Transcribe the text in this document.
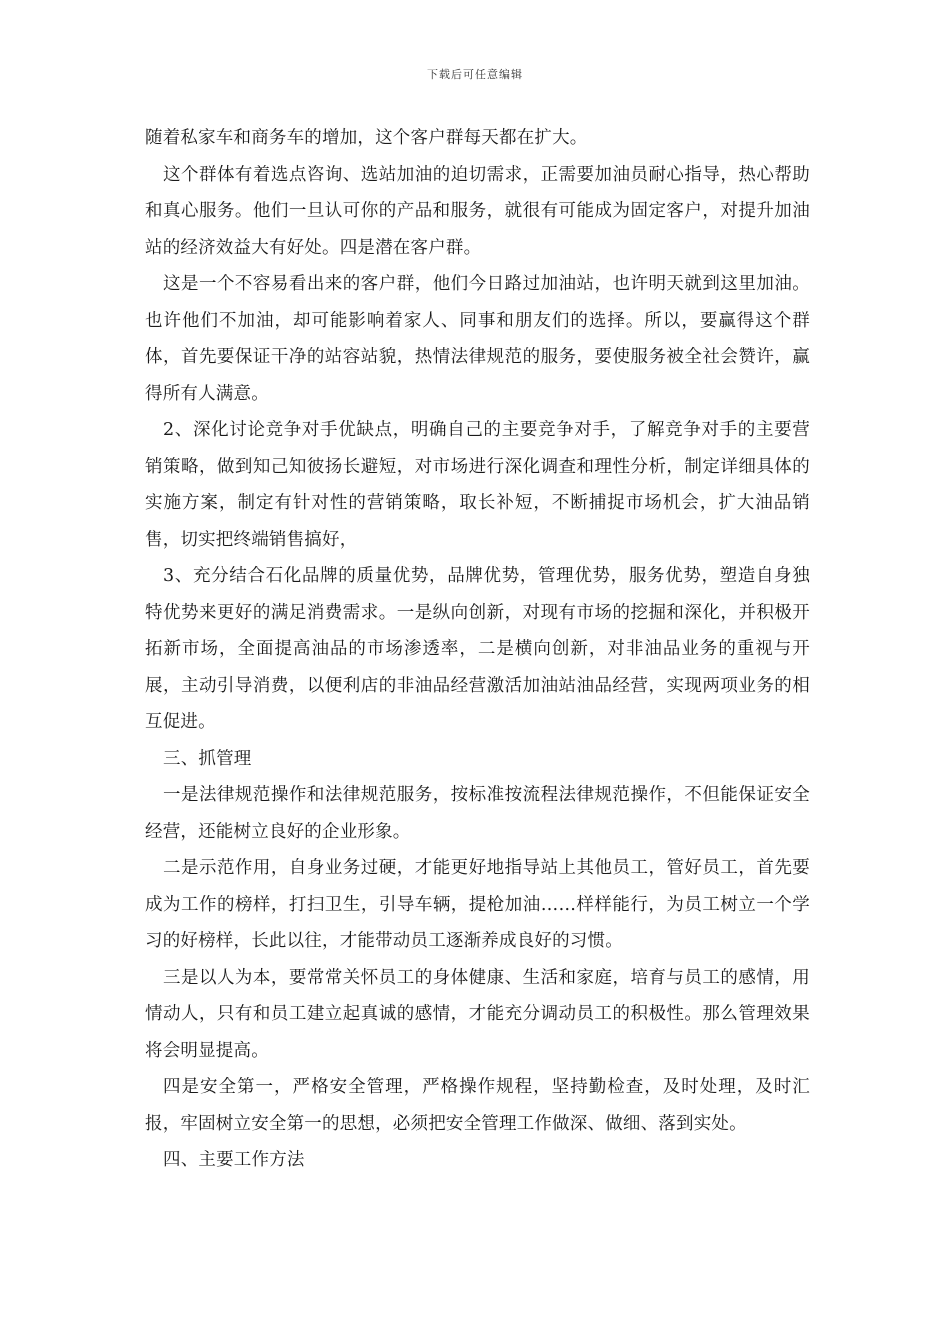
下载后可任意编辑

随着私家车和商务车的增加，这个客户群每天都在扩大。

这个群体有着选点咨询、选站加油的迫切需求，正需要加油员耐心指导，热心帮助和真心服务。他们一旦认可你的产品和服务，就很有可能成为固定客户，对提升加油站的经济效益大有好处。四是潜在客户群。

这是一个不容易看出来的客户群，他们今日路过加油站，也许明天就到这里加油。也许他们不加油，却可能影响着家人、同事和朋友们的选择。所以，要赢得这个群体，首先要保证干净的站容站貌，热情法律规范的服务，要使服务被全社会赞许，赢得所有人满意。

2、深化讨论竞争对手优缺点，明确自己的主要竞争对手，了解竞争对手的主要营销策略，做到知己知彼扬长避短，对市场进行深化调查和理性分析，制定详细具体的实施方案，制定有针对性的营销策略，取长补短，不断捕捉市场机会，扩大油品销售，切实把终端销售搞好，

3、充分结合石化品牌的质量优势，品牌优势，管理优势，服务优势，塑造自身独特优势来更好的满足消费需求。一是纵向创新，对现有市场的挖掘和深化，并积极开拓新市场，全面提高油品的市场渗透率，二是横向创新，对非油品业务的重视与开展，主动引导消费，以便利店的非油品经营激活加油站油品经营，实现两项业务的相互促进。

三、抓管理

一是法律规范操作和法律规范服务，按标准按流程法律规范操作，不但能保证安全经营，还能树立良好的企业形象。

二是示范作用，自身业务过硬，才能更好地指导站上其他员工，管好员工，首先要成为工作的榜样，打扫卫生，引导车辆，提枪加油……样样能行，为员工树立一个学习的好榜样，长此以往，才能带动员工逐渐养成良好的习惯。

三是以人为本，要常常关怀员工的身体健康、生活和家庭，培育与员工的感情，用情动人，只有和员工建立起真诚的感情，才能充分调动员工的积极性。那么管理效果将会明显提高。

四是安全第一，严格安全管理，严格操作规程，坚持勤检查，及时处理，及时汇报，牢固树立安全第一的思想，必须把安全管理工作做深、做细、落到实处。

四、主要工作方法
